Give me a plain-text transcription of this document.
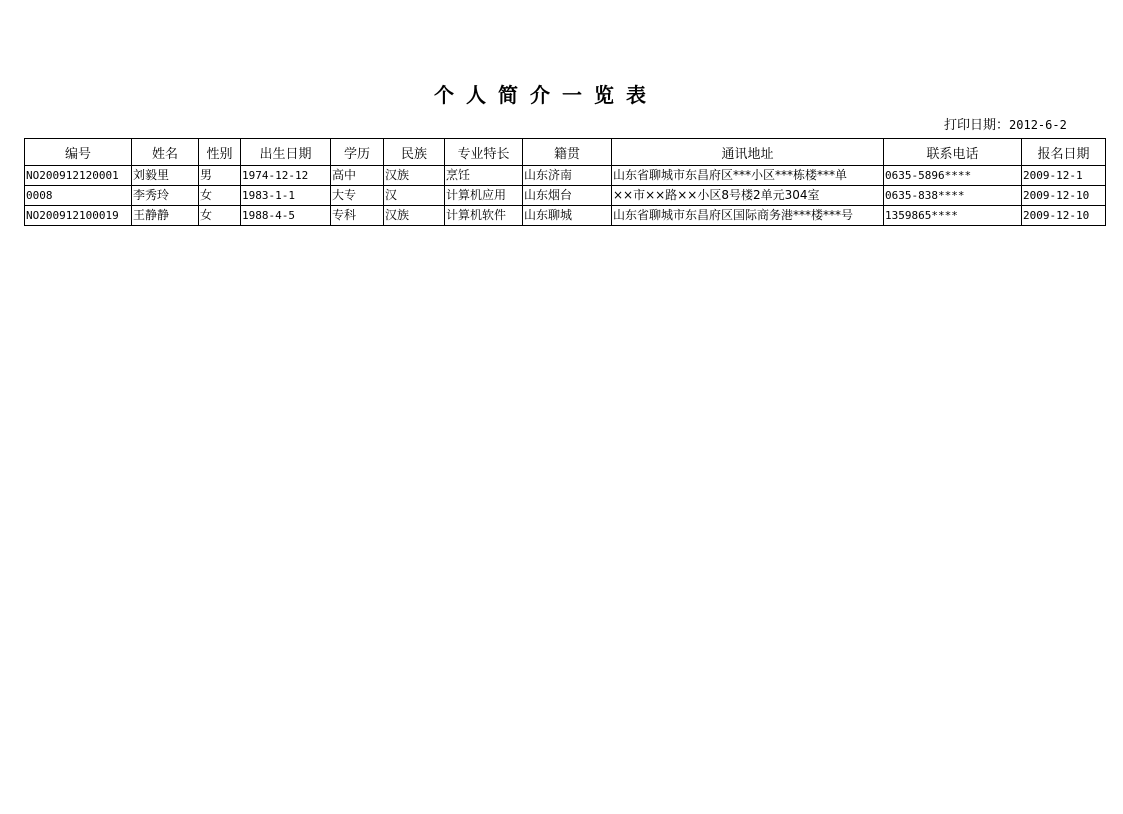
个人简介一览表
打印日期：2012-6-2
编号	姓名	性别	出生日期	学历	民族	专业特长	籍贯	通讯地址	联系电话	报名日期
NO200912120001	刘毅里	男	1974-12-12	高中	汉族	烹饪	山东济南	山东省聊城市东昌府区***小区***栋楼***单	0635-5896****	2009-12-1
0008	李秀玲	女	1983-1-1	大专	汉	计算机应用	山东烟台	××市××路××小区8号楼2单元304室	0635-838****	2009-12-10
NO200912100019	王静静	女	1988-4-5	专科	汉族	计算机软件	山东聊城	山东省聊城市东昌府区国际商务港***楼***号	1359865****	2009-12-10
